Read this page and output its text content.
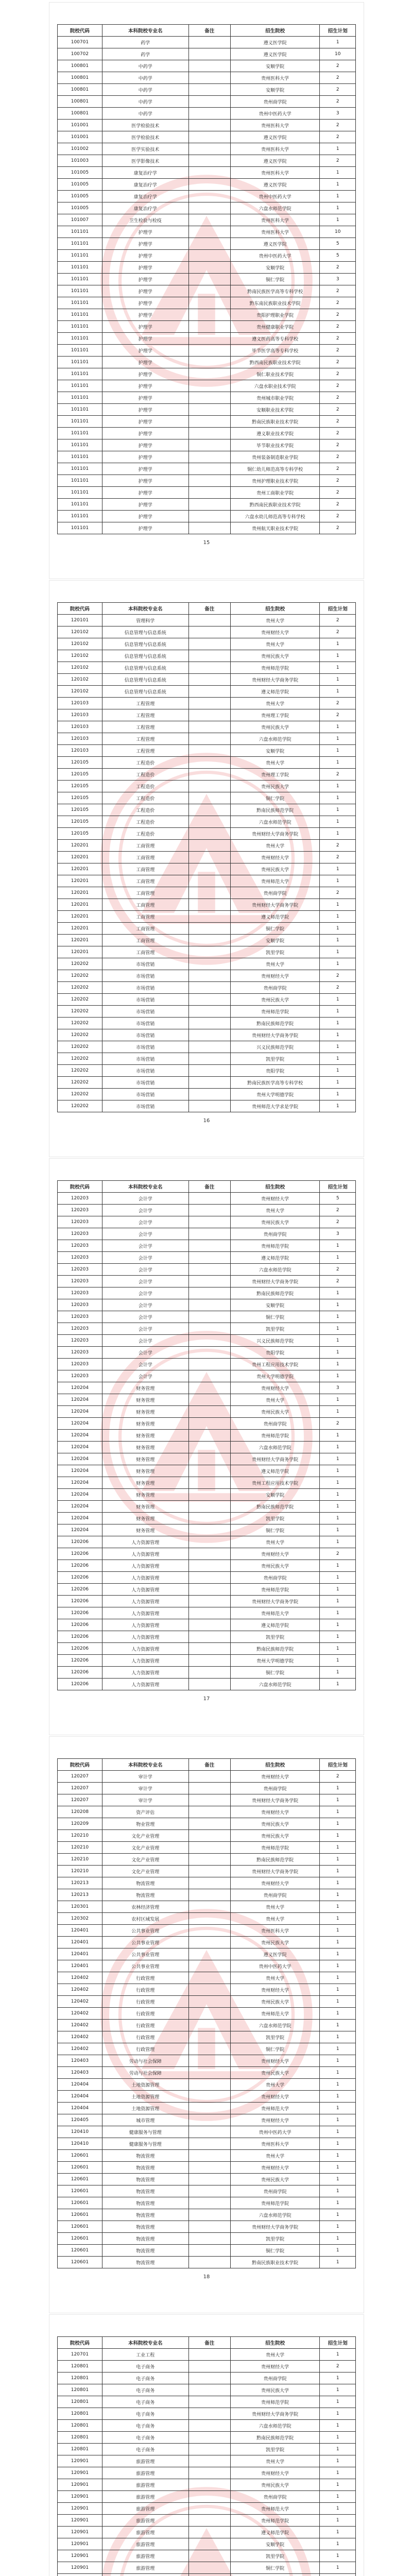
院校代码	本科院校专业名	备注	招生院校	招生计划
100701	药学		遵义医学院	1
100702	药学		遵义医学院	10
100801	中药学		安顺学院	2
100801	中药学		贵州医科大学	2
100801	中药学		安顺学院	2
100801	中药学		贵州商学院	2
100801	中药学		贵州中医药大学	3
101001	医学检验技术		贵州医科大学	2
101001	医学检验技术		遵义医学院	2
101002	医学实验技术		贵州医科大学	1
101003	医学影像技术		遵义医学院	2
101005	康复治疗学		贵州医科大学	1
101005	康复治疗学		遵义医学院	1
101005	康复治疗学		贵州中医药大学	1
101005	康复治疗学		六盘水师范学院	1
101007	卫生检验与检疫		贵州医科大学	1
101101	护理学		贵州医科大学	10
101101	护理学		遵义医学院	5
101101	护理学		贵州中医药大学	5
101101	护理学		安顺学院	2
101101	护理学		铜仁学院	3
101101	护理学		黔南民族医学高等专科学校	2
101101	护理学		黔东南民族职业技术学院	2
101101	护理学		贵阳护理职业学院	2
101101	护理学		贵州健康职业学院	2
101101	护理学		遵义医药高等专科学校	2
101101	护理学		毕节医学高等专科学校	2
101101	护理学		黔西南民族职业技术学院	2
101101	护理学		铜仁职业技术学院	2
101101	护理学		六盘水职业技术学院	2
101101	护理学		贵州城市职业学院	2
101101	护理学		安顺职业技术学院	2
101101	护理学		黔南民族职业技术学院	2
101101	护理学		遵义职业技术学院	2
101101	护理学		毕节职业技术学院	2
101101	护理学		贵州装备制造职业学院	2
101101	护理学		铜仁幼儿师范高等专科学校	2
101101	护理学		贵州护理职业技术学院	2
101101	护理学		贵州工商职业学院	2
101101	护理学		黔西南民族职业技术学院	2
101101	护理学		六盘水幼儿师范高等专科学校	2
101101	护理学		贵州航天职业技术学院	2
15
院校代码	本科院校专业名	备注	招生院校	招生计划
120101	管理科学		贵州大学	2
120102	信息管理与信息系统		贵州财经大学	2
120102	信息管理与信息系统		贵州大学	1
120102	信息管理与信息系统		贵州民族大学	1
120102	信息管理与信息系统		贵州师范学院	1
120102	信息管理与信息系统		贵州财经大学商务学院	1
120102	信息管理与信息系统		遵义师范学院	1
120103	工程管理		贵州大学	2
120103	工程管理		贵州理工学院	2
120103	工程管理		贵州民族大学	1
120103	工程管理		六盘水师范学院	1
120103	工程管理		安顺学院	1
120105	工程造价		贵州大学	1
120105	工程造价		贵州理工学院	2
120105	工程造价		贵州民族大学	1
120105	工程造价		铜仁学院	1
120105	工程造价		黔南民族师范学院	1
120105	工程造价		六盘水师范学院	1
120105	工程造价		贵州财经大学商务学院	1
120201	工商管理		贵州大学	2
120201	工商管理		贵州财经大学	2
120201	工商管理		贵州民族大学	1
120201	工商管理		贵州师范大学	1
120201	工商管理		贵州商学院	2
120201	工商管理		贵州财经大学商务学院	1
120201	工商管理		遵义师范学院	1
120201	工商管理		铜仁学院	1
120201	工商管理		安顺学院	1
120201	工商管理		凯里学院	1
120202	市场营销		贵州大学	1
120202	市场营销		贵州财经大学	2
120202	市场营销		贵州商学院	2
120202	市场营销		贵州民族大学	1
120202	市场营销		贵州师范学院	1
120202	市场营销		黔南民族师范学院	1
120202	市场营销		贵州财经大学商务学院	1
120202	市场营销		兴义民族师范学院	1
120202	市场营销		凯里学院	1
120202	市场营销		贵阳学院	1
120202	市场营销		黔南民族医学高等专科学校	1
120202	市场营销		贵州大学明德学院	1
120202	市场营销		贵州师范大学求是学院	1
16
院校代码	本科院校专业名	备注	招生院校	招生计划
120203	会计学		贵州财经大学	5
120203	会计学		贵州大学	2
120203	会计学		贵州民族大学	2
120203	会计学		贵州商学院	3
120203	会计学		贵州师范学院	1
120203	会计学		遵义师范学院	1
120203	会计学		六盘水师范学院	2
120203	会计学		贵州财经大学商务学院	2
120203	会计学		黔南民族师范学院	1
120203	会计学		安顺学院	1
120203	会计学		铜仁学院	1
120203	会计学		凯里学院	1
120203	会计学		兴义民族师范学院	1
120203	会计学		贵阳学院	1
120203	会计学		贵州工程应用技术学院	1
120203	会计学		贵州大学明德学院	1
120204	财务管理		贵州财经大学	3
120204	财务管理		贵州大学	1
120204	财务管理		贵州民族大学	1
120204	财务管理		贵州商学院	2
120204	财务管理		贵州师范学院	1
120204	财务管理		六盘水师范学院	1
120204	财务管理		贵州财经大学商务学院	1
120204	财务管理		遵义师范学院	1
120204	财务管理		贵州工程应用技术学院	1
120204	财务管理		安顺学院	1
120204	财务管理		黔南民族师范学院	1
120204	财务管理		凯里学院	1
120204	财务管理		铜仁学院	1
120206	人力资源管理		贵州大学	1
120206	人力资源管理		贵州财经大学	2
120206	人力资源管理		贵州民族大学	1
120206	人力资源管理		贵州商学院	1
120206	人力资源管理		贵州师范学院	1
120206	人力资源管理		贵州财经大学商务学院	1
120206	人力资源管理		贵州师范大学	1
120206	人力资源管理		遵义师范学院	1
120206	人力资源管理		凯里学院	1
120206	人力资源管理		黔南民族师范学院	1
120206	人力资源管理		贵州大学明德学院	1
120206	人力资源管理		铜仁学院	1
120206	人力资源管理		六盘水师范学院	1
17
院校代码	本科院校专业名	备注	招生院校	招生计划
120207	审计学		贵州财经大学	2
120207	审计学		贵州商学院	1
120207	审计学		贵州财经大学商务学院	1
120208	资产评估		贵州财经大学	1
120209	物业管理		贵州民族大学	1
120210	文化产业管理		贵州民族大学	1
120210	文化产业管理		贵州师范学院	1
120210	文化产业管理		黔南民族师范学院	1
120210	文化产业管理		贵州财经大学商务学院	1
120213	物流管理		贵州财经大学	1
120213	物流管理		贵州商学院	1
120301	农林经济管理		贵州大学	1
120302	农村区域发展		贵州大学	1
120401	公共事业管理		贵州医科大学	1
120401	公共事业管理		贵州民族大学	1
120401	公共事业管理		遵义医学院	1
120401	公共事业管理		贵州中医药大学	1
120402	行政管理		贵州大学	1
120402	行政管理		贵州财经大学	1
120402	行政管理		贵州民族大学	1
120402	行政管理		贵州师范大学	1
120402	行政管理		六盘水师范学院	1
120402	行政管理		凯里学院	1
120402	行政管理		铜仁学院	1
120403	劳动与社会保障		贵州财经大学	1
120403	劳动与社会保障		贵州民族大学	1
120404	土地资源管理		贵州大学	1
120404	土地资源管理		贵州财经大学	1
120404	土地资源管理		贵州师范大学	1
120405	城市管理		贵州财经大学	1
120410	健康服务与管理		贵州中医药大学	1
120410	健康服务与管理		贵州医科大学	1
120601	物流管理		贵州大学	1
120601	物流管理		贵州财经大学	1
120601	物流管理		贵州民族大学	1
120601	物流管理		贵州商学院	1
120601	物流管理		贵州师范学院	1
120601	物流管理		六盘水师范学院	1
120601	物流管理		贵州财经大学商务学院	1
120601	物流管理		凯里学院	1
120601	物流管理		铜仁学院	1
120601	物流管理		黔南民族职业技术学院	1
18
院校代码	本科院校专业名	备注	招生院校	招生计划
120701	工业工程		贵州大学	1
120801	电子商务		贵州财经大学	2
120801	电子商务		贵州商学院	1
120801	电子商务		贵州民族大学	1
120801	电子商务		贵州师范学院	1
120801	电子商务		贵州财经大学商务学院	1
120801	电子商务		六盘水师范学院	1
120801	电子商务		黔南民族师范学院	1
120801	电子商务		凯里学院	1
120901	旅游管理		贵州大学	1
120901	旅游管理		贵州财经大学	1
120901	旅游管理		贵州民族大学	1
120901	旅游管理		贵州商学院	1
120901	旅游管理		贵州师范大学	1
120901	旅游管理		贵州师范学院	1
120901	旅游管理		遵义师范学院	1
120901	旅游管理		安顺学院	1
120901	旅游管理		凯里学院	1
120901	旅游管理		铜仁学院	1
